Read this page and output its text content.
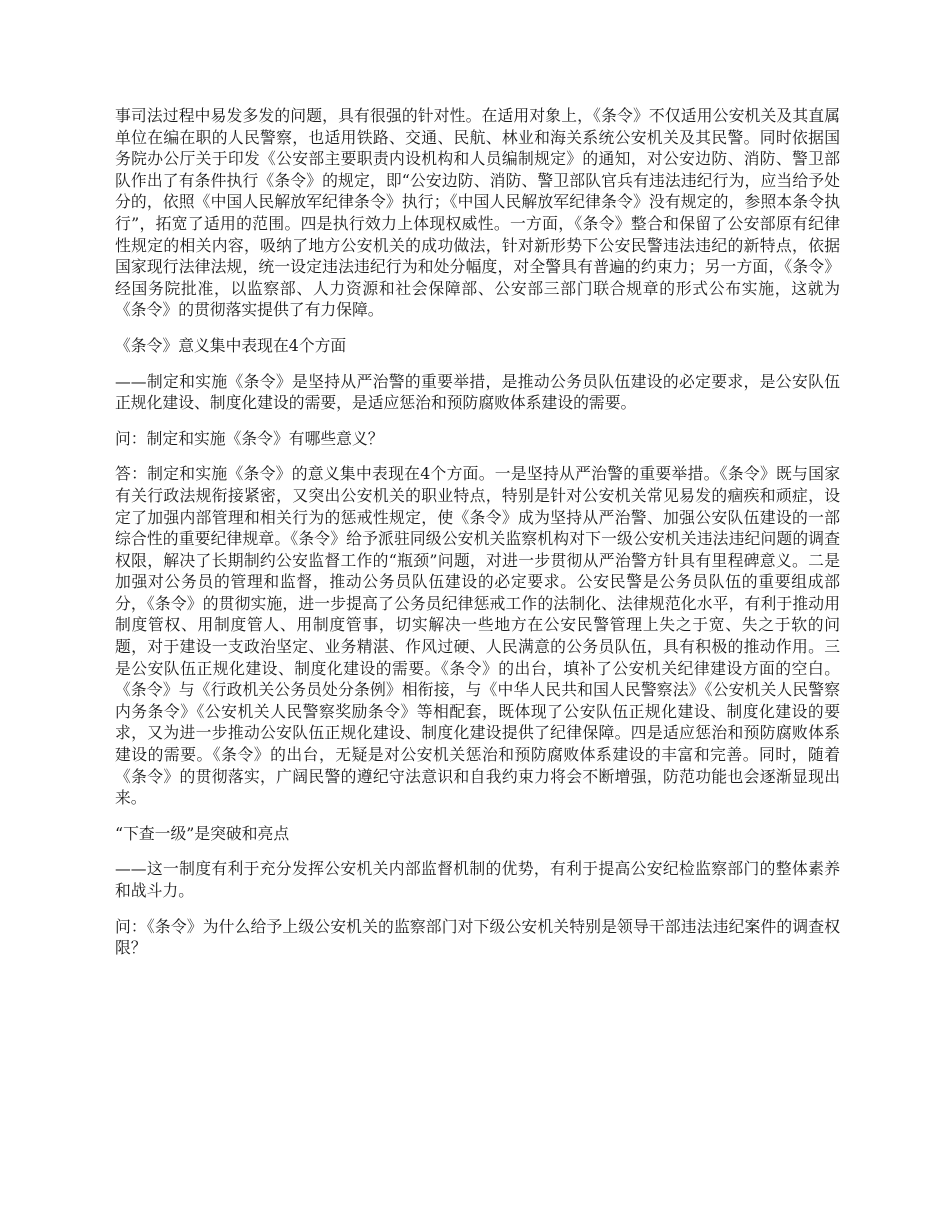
事司法过程中易发多发的问题，具有很强的针对性。在适用对象上，《条令》不仅适用公安机关及其直属单位在编在职的人民警察，也适用铁路、交通、民航、林业和海关系统公安机关及其民警。同时依据国务院办公厅关于印发《公安部主要职责内设机构和人员编制规定》的通知，对公安边防、消防、警卫部队作出了有条件执行《条令》的规定，即“公安边防、消防、警卫部队官兵有违法违纪行为，应当给予处分的，依照《中国人民解放军纪律条令》执行；《中国人民解放军纪律条令》没有规定的，参照本条令执行”，拓宽了适用的范围。四是执行效力上体现权威性。一方面，《条令》整合和保留了公安部原有纪律性规定的相关内容，吸纳了地方公安机关的成功做法，针对新形势下公安民警违法违纪的新特点，依据国家现行法律法规，统一设定违法违纪行为和处分幅度，对全警具有普遍的约束力；另一方面，《条令》经国务院批准，以监察部、人力资源和社会保障部、公安部三部门联合规章的形式公布实施，这就为《条令》的贯彻落实提供了有力保障。

《条令》意义集中表现在4个方面

——制定和实施《条令》是坚持从严治警的重要举措，是推动公务员队伍建设的必定要求，是公安队伍正规化建设、制度化建设的需要，是适应惩治和预防腐败体系建设的需要。

问：制定和实施《条令》有哪些意义？

答：制定和实施《条令》的意义集中表现在4个方面。一是坚持从严治警的重要举措。《条令》既与国家有关行政法规衔接紧密，又突出公安机关的职业特点，特别是针对公安机关常见易发的痼疾和顽症，设定了加强内部管理和相关行为的惩戒性规定，使《条令》成为坚持从严治警、加强公安队伍建设的一部综合性的重要纪律规章。《条令》给予派驻同级公安机关监察机构对下一级公安机关违法违纪问题的调查权限，解决了长期制约公安监督工作的“瓶颈”问题，对进一步贯彻从严治警方针具有里程碑意义。二是加强对公务员的管理和监督，推动公务员队伍建设的必定要求。公安民警是公务员队伍的重要组成部分，《条令》的贯彻实施，进一步提高了公务员纪律惩戒工作的法制化、法律规范化水平，有利于推动用制度管权、用制度管人、用制度管事，切实解决一些地方在公安民警管理上失之于宽、失之于软的问题，对于建设一支政治坚定、业务精湛、作风过硬、人民满意的公务员队伍，具有积极的推动作用。三是公安队伍正规化建设、制度化建设的需要。《条令》的出台，填补了公安机关纪律建设方面的空白。《条令》与《行政机关公务员处分条例》相衔接，与《中华人民共和国人民警察法》《公安机关人民警察内务条令》《公安机关人民警察奖励条令》等相配套，既体现了公安队伍正规化建设、制度化建设的要求，又为进一步推动公安队伍正规化建设、制度化建设提供了纪律保障。四是适应惩治和预防腐败体系建设的需要。《条令》的出台，无疑是对公安机关惩治和预防腐败体系建设的丰富和完善。同时，随着《条令》的贯彻落实，广阔民警的遵纪守法意识和自我约束力将会不断增强，防范功能也会逐渐显现出来。

“下查一级”是突破和亮点

——这一制度有利于充分发挥公安机关内部监督机制的优势，有利于提高公安纪检监察部门的整体素养和战斗力。

问：《条令》为什么给予上级公安机关的监察部门对下级公安机关特别是领导干部违法违纪案件的调查权限？
